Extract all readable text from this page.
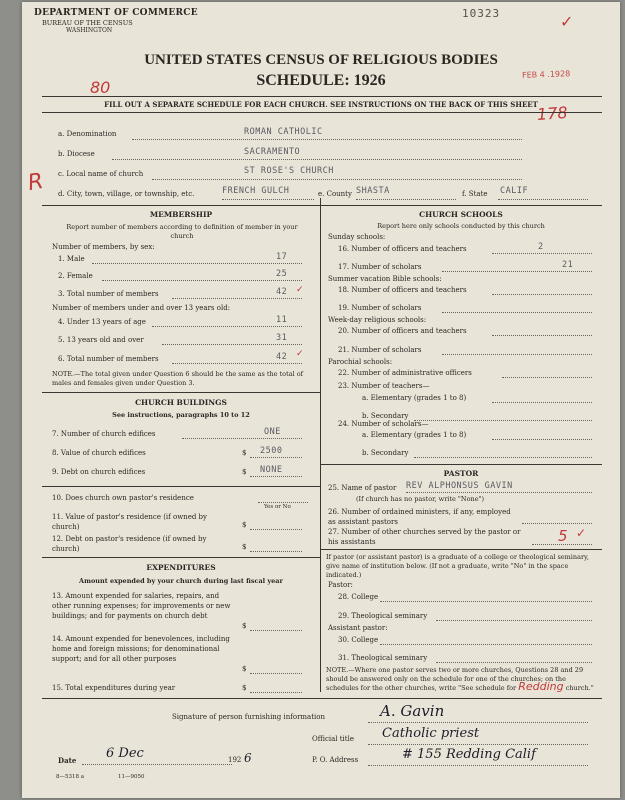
DEPARTMENT OF COMMERCE
BUREAU OF THE CENSUS
WASHINGTON
10323	✓
UNITED STATES CENSUS OF RELIGIOUS BODIES
SCHEDULE: 1926	FEB 4 .1928
80
178
FILL OUT A SEPARATE SCHEDULE FOR EACH CHURCH. SEE INSTRUCTIONS ON THE BACK OF THIS SHEET
a. Denomination	ROMAN CATHOLIC
b. Diocese	SACRAMENTO
c. Local name of church	ST ROSE'S CHURCH
R d. City, town, village, or township, etc.	FRENCH GULCH	e. County SHASTA	f. State CALIF
MEMBERSHIP
Report number of members according to definition of member in your church
Number of members, by sex:
1. Male	17
2. Female	25
3. Total number of members	42 ✓
Number of members under and over 13 years old:
4. Under 13 years of age	11
5. 13 years old and over	31
6. Total number of members	42 ✓
NOTE.—The total given under Question 6 should be the same as the total of males and females given under Question 3.
CHURCH BUILDINGS
See instructions, paragraphs 10 to 12
7. Number of church edifices	ONE
8. Value of church edifices	$ 2500
9. Debt on church edifices	$ NONE
10. Does church own pastor's residence
Yes or No
11. Value of pastor's residence (if owned by church)	$
12. Debt on pastor's residence (if owned by church)	$
EXPENDITURES
Amount expended by your church during last fiscal year
13. Amount expended for salaries, repairs, and other running expenses; for improvements or new buildings; and for payments on church debt
$
14. Amount expended for benevolences, including home and foreign missions; for denominational support; and for all other purposes
$
15. Total expenditures during year	$
CHURCH SCHOOLS
Report here only schools conducted by this church
Sunday schools:
16. Number of officers and teachers	2
17. Number of scholars	21
Summer vacation Bible schools:
18. Number of officers and teachers
19. Number of scholars
Week-day religious schools:
20. Number of officers and teachers
21. Number of scholars
Parochial schools:
22. Number of administrative officers
23. Number of teachers—
a. Elementary (grades 1 to 8)
b. Secondary
24. Number of scholars—
a. Elementary (grades 1 to 8)
b. Secondary
PASTOR
25. Name of pastor REV ALPHONSUS GAVIN
(If church has no pastor, write "None")
26. Number of ordained ministers, if any, employed as assistant pastors
27. Number of other churches served by the pastor or his assistants	5 ✓
If pastor (or assistant pastor) is a graduate of a college or theological seminary, give name of institution below. (If not a graduate, write "No" in the space indicated.)
Pastor:
28. College
29. Theological seminary
Assistant pastor:
30. College
31. Theological seminary
NOTE.—Where one pastor serves two or more churches, Questions 28 and 29 should be answered only on the schedule for one of the churches; on the schedules for the other churches, write "See schedule for Redding church."
Signature of person furnishing information	A. Gavin
Official title Catholic priest
Date 6 Dec	192 6	P. O. Address	# 155 Redding Calif
8—5318 a	11—9050
